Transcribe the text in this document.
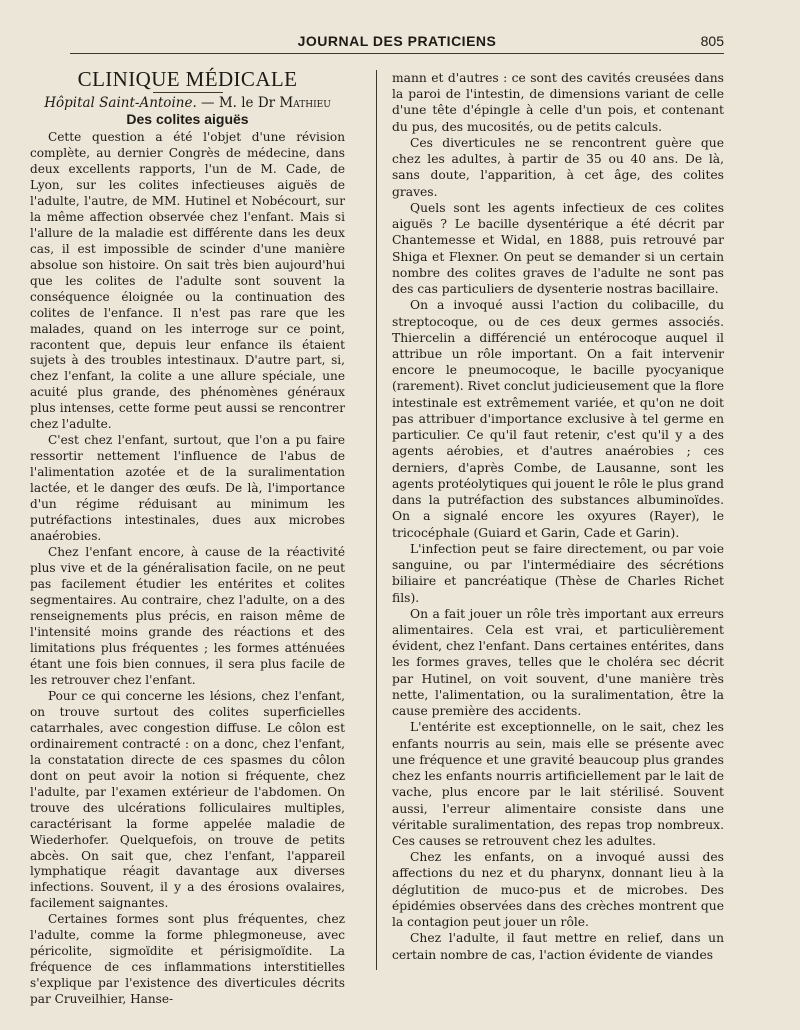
JOURNAL DES PRATICIENS	805
CLINIQUE MÉDICALE

Hôpital Saint-Antoine. — M. le Dr Mathieu

Des colites aiguës

Cette question a été l'objet d'une révision complète, au dernier Congrès de médecine, dans deux excellents rapports, l'un de M. Cade, de Lyon, sur les colites infectieuses aiguës de l'adulte, l'autre, de MM. Hutinel et Nobécourt, sur la même affection observée chez l'enfant. Mais si l'allure de la maladie est différente dans les deux cas, il est impossible de scinder d'une manière absolue son histoire. On sait très bien aujourd'hui que les colites de l'adulte sont souvent la conséquence éloignée ou la continuation des colites de l'enfance. Il n'est pas rare que les malades, quand on les interroge sur ce point, racontent que, depuis leur enfance ils étaient sujets à des troubles intestinaux. D'autre part, si, chez l'enfant, la colite a une allure spéciale, une acuité plus grande, des phénomènes généraux plus intenses, cette forme peut aussi se rencontrer chez l'adulte.

C'est chez l'enfant, surtout, que l'on a pu faire ressortir nettement l'influence de l'abus de l'alimentation azotée et de la suralimentation lactée, et le danger des œufs. De là, l'importance d'un régime réduisant au minimum les putréfactions intestinales, dues aux microbes anaérobies.

Chez l'enfant encore, à cause de la réactivité plus vive et de la généralisation facile, on ne peut pas facilement étudier les entérites et colites segmentaires. Au contraire, chez l'adulte, on a des renseignements plus précis, en raison même de l'intensité moins grande des réactions et des limitations plus fréquentes ; les formes atténuées étant une fois bien connues, il sera plus facile de les retrouver chez l'enfant.

Pour ce qui concerne les lésions, chez l'enfant, on trouve surtout des colites superficielles catarrhales, avec congestion diffuse. Le côlon est ordinairement contracté : on a donc, chez l'enfant, la constatation directe de ces spasmes du côlon dont on peut avoir la notion si fréquente, chez l'adulte, par l'examen extérieur de l'abdomen. On trouve des ulcérations folliculaires multiples, caractérisant la forme appelée maladie de Wiederhofer. Quelquefois, on trouve de petits abcès. On sait que, chez l'enfant, l'appareil lymphatique réagit davantage aux diverses infections. Souvent, il y a des érosions ovalaires, facilement saignantes.

Certaines formes sont plus fréquentes, chez l'adulte, comme la forme phlegmoneuse, avec péricolite, sigmoïdite et périsigmoïdite. La fréquence de ces inflammations interstitielles s'explique par l'existence des diverticules décrits par Cruveilhier, Hanse-

mann et d'autres : ce sont des cavités creusées dans la paroi de l'intestin, de dimensions variant de celle d'une tête d'épingle à celle d'un pois, et contenant du pus, des mucosités, ou de petits calculs.

Ces diverticules ne se rencontrent guère que chez les adultes, à partir de 35 ou 40 ans. De là, sans doute, l'apparition, à cet âge, des colites graves.

Quels sont les agents infectieux de ces colites aiguës ? Le bacille dysentérique a été décrit par Chantemesse et Widal, en 1888, puis retrouvé par Shiga et Flexner. On peut se demander si un certain nombre des colites graves de l'adulte ne sont pas des cas particuliers de dysenterie nostras bacillaire.

On a invoqué aussi l'action du colibacille, du streptocoque, ou de ces deux germes associés. Thiercelin a différencié un entérocoque auquel il attribue un rôle important. On a fait intervenir encore le pneumocoque, le bacille pyocyanique (rarement). Rivet conclut judicieusement que la flore intestinale est extrêmement variée, et qu'on ne doit pas attribuer d'importance exclusive à tel germe en particulier. Ce qu'il faut retenir, c'est qu'il y a des agents aérobies, et d'autres anaérobies ; ces derniers, d'après Combe, de Lausanne, sont les agents protéolytiques qui jouent le rôle le plus grand dans la putréfaction des substances albuminoïdes. On a signalé encore les oxyures (Rayer), le tricocéphale (Guiard et Garin, Cade et Garin).

L'infection peut se faire directement, ou par voie sanguine, ou par l'intermédiaire des sécrétions biliaire et pancréatique (Thèse de Charles Richet fils).

On a fait jouer un rôle très important aux erreurs alimentaires. Cela est vrai, et particulièrement évident, chez l'enfant. Dans certaines entérites, dans les formes graves, telles que le choléra sec décrit par Hutinel, on voit souvent, d'une manière très nette, l'alimentation, ou la suralimentation, être la cause première des accidents.

L'entérite est exceptionnelle, on le sait, chez les enfants nourris au sein, mais elle se présente avec une fréquence et une gravité beaucoup plus grandes chez les enfants nourris artificiellement par le lait de vache, plus encore par le lait stérilisé. Souvent aussi, l'erreur alimentaire consiste dans une véritable suralimentation, des repas trop nombreux. Ces causes se retrouvent chez les adultes.

Chez les enfants, on a invoqué aussi des affections du nez et du pharynx, donnant lieu à la déglutition de muco-pus et de microbes. Des épidémies observées dans des crèches montrent que la contagion peut jouer un rôle.

Chez l'adulte, il faut mettre en relief, dans un certain nombre de cas, l'action évidente de viandes
